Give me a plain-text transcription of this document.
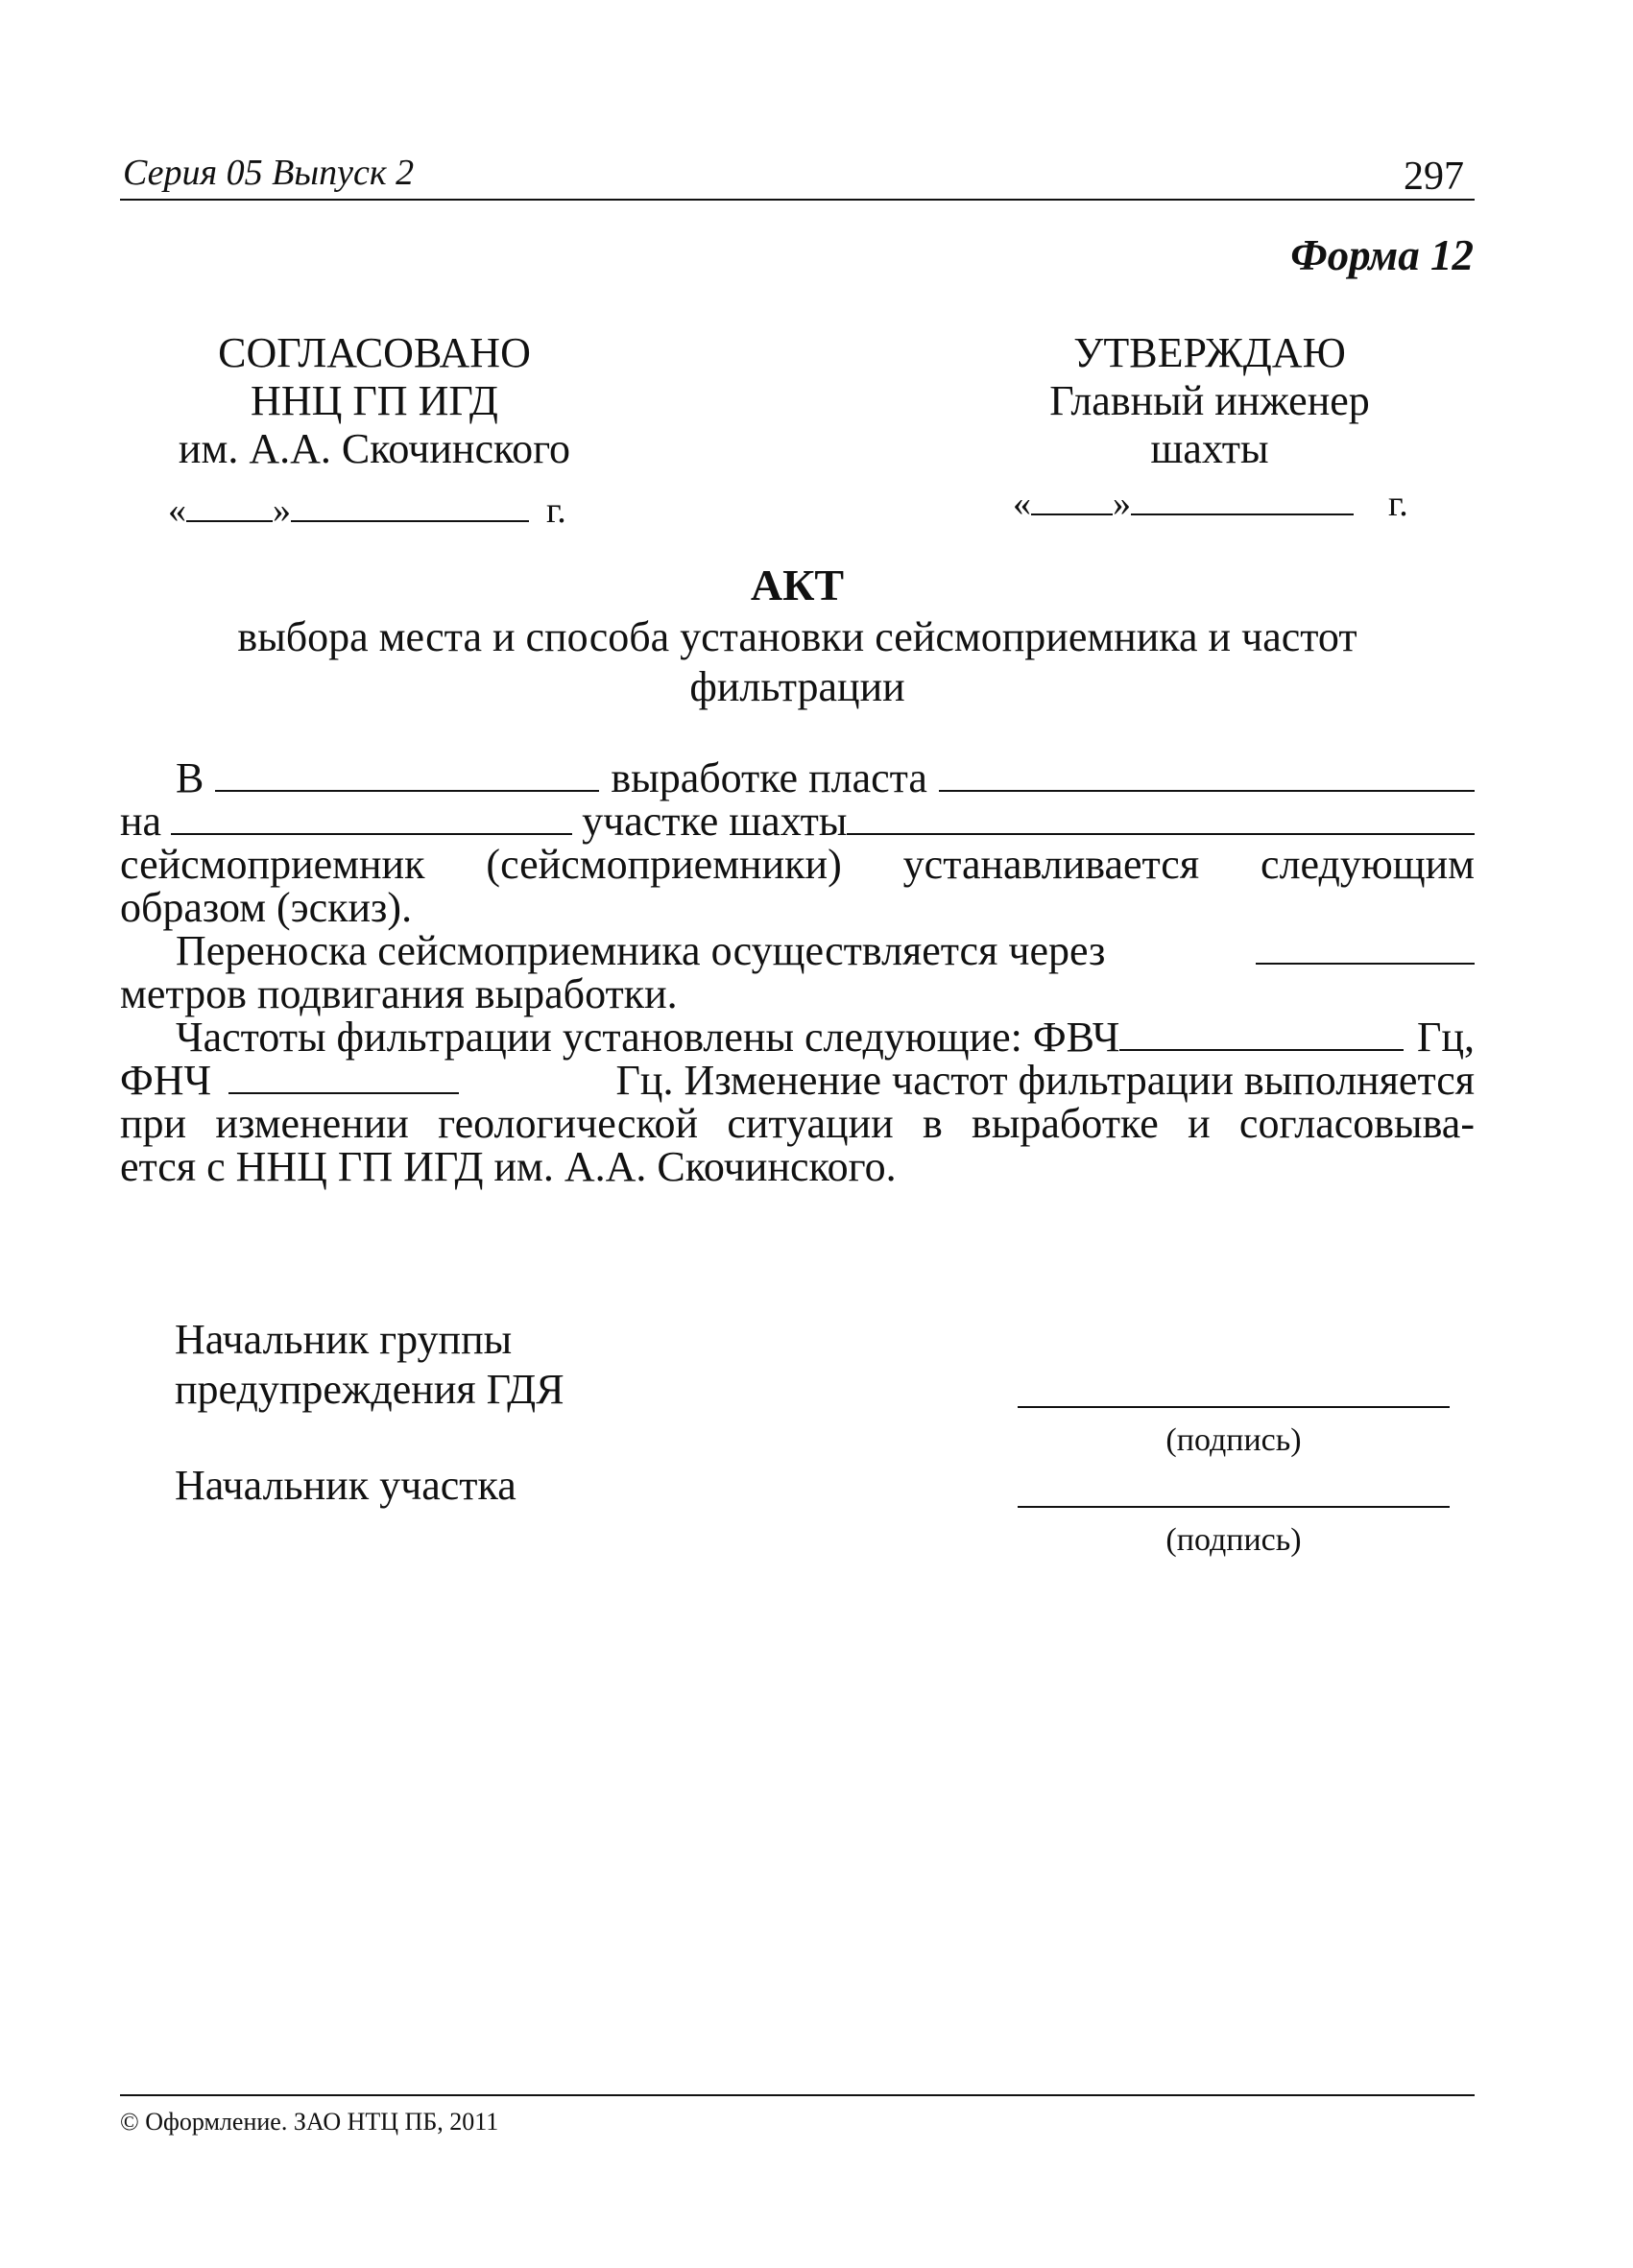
Серия 05 Выпуск 2	297
Форма 12
СОГЛАСОВАНО
ННЦ ГП ИГД
им. А.А. Скочинского
« »	г.
УТВЕРЖДАЮ
Главный инженер
шахты
« »	г.
АКТ
выбора места и способа установки сейсмоприемника и частот
фильтрации
В	выработке пласта
на	участке шахты
сейсмоприемник (сейсмоприемники) устанавливается следующим
образом (эскиз).
Переноска сейсмоприемника осуществляется через
метров подвигания выработки.
Частоты фильтрации установлены следующие: ФВЧ	Гц,
ФНЧ	Гц. Изменение частот фильтрации выполняется
при изменении геологической ситуации в выработке и согласовыва-
ется с ННЦ ГП ИГД им. А.А. Скочинского.
Начальник группы
предупреждения ГДЯ
(подпись)
Начальник участка
(подпись)
© Оформление. ЗАО НТЦ ПБ, 2011
